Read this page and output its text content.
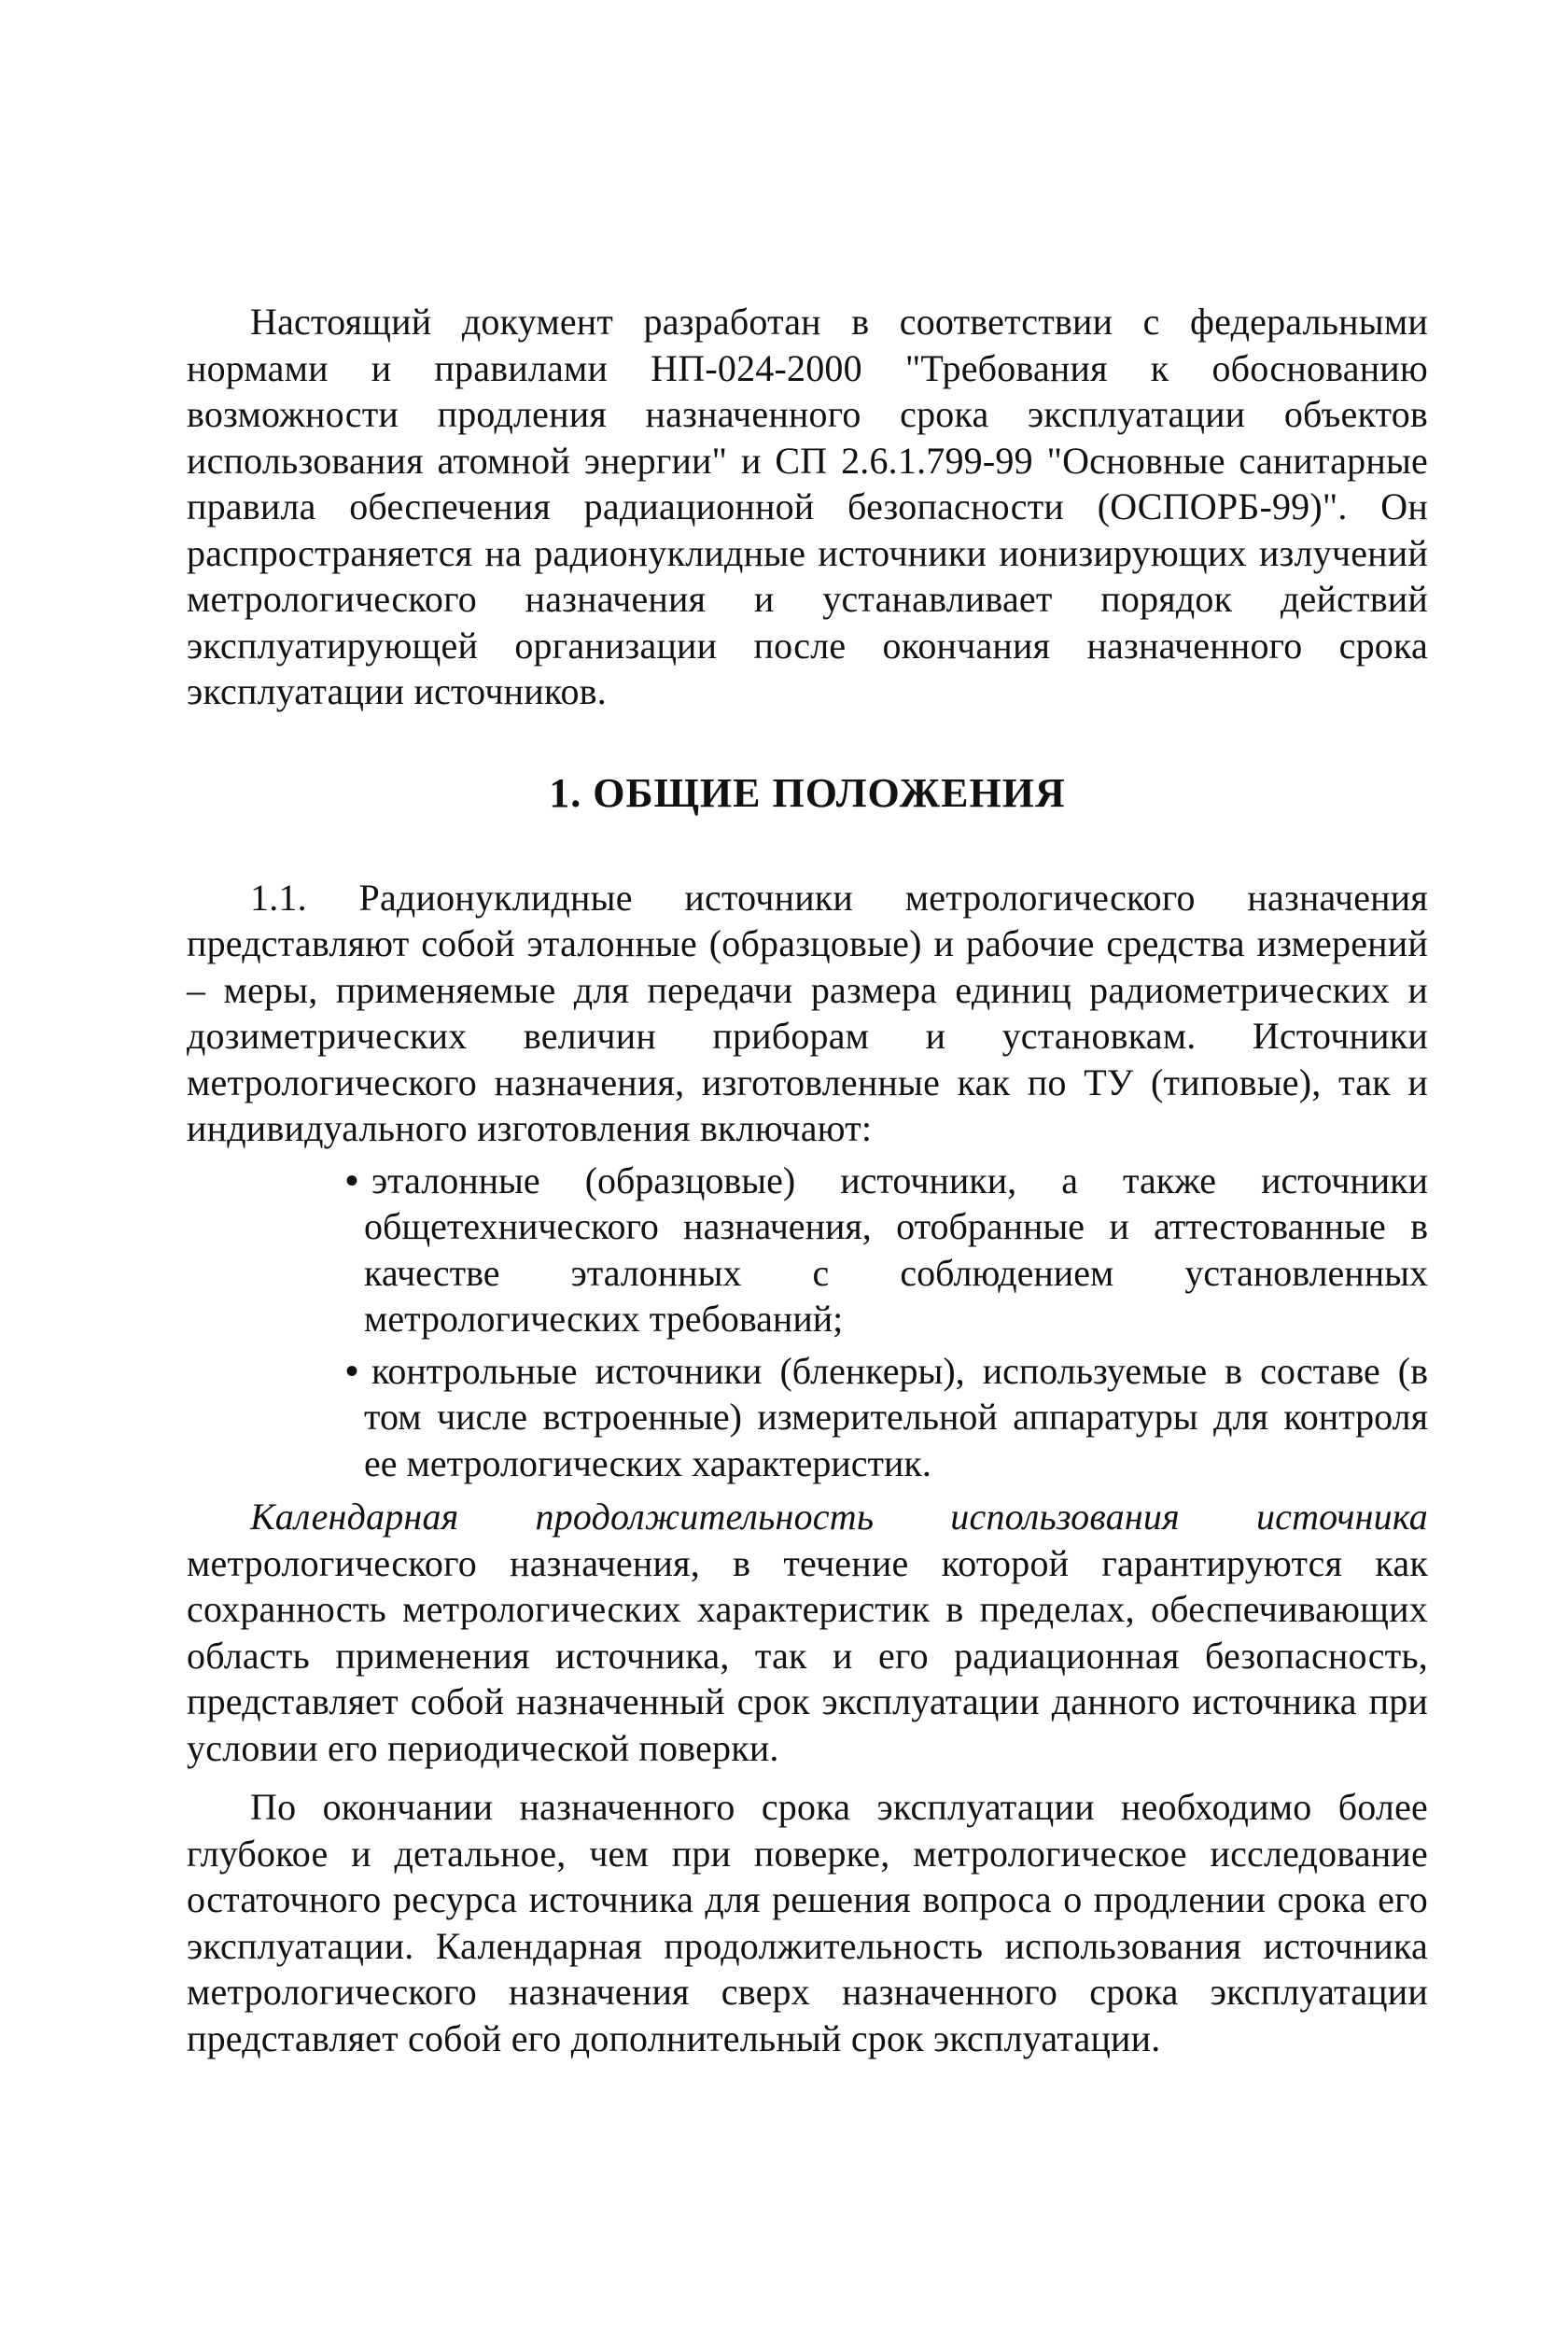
Настоящий документ разработан в соответствии с федеральными нормами и правилами НП-024-2000 "Требования к обоснованию возможности продления назначенного срока эксплуатации объектов использования атомной энергии" и СП 2.6.1.799-99 "Основные санитарные правила обеспечения радиационной безопасности (ОСПОРБ-99)". Он распространяется на радионуклидные источники ионизирующих излучений метрологического назначения и устанавливает порядок действий эксплуатирующей организации после окончания назначенного срока эксплуатации источников.

1. ОБЩИЕ ПОЛОЖЕНИЯ

1.1. Радионуклидные источники метрологического назначения представляют собой эталонные (образцовые) и рабочие средства измерений – меры, применяемые для передачи размера единиц радиометрических и дозиметрических величин приборам и установкам. Источники метрологического назначения, изготовленные как по ТУ (типовые), так и индивидуального изготовления включают:

• эталонные (образцовые) источники, а также источники общетехнического назначения, отобранные и аттестованные в качестве эталонных с соблюдением установленных метрологических требований;
• контрольные источники (бленкеры), используемые в составе (в том числе встроенные) измерительной аппаратуры для контроля ее метрологических характеристик.

Календарная продолжительность использования источника метрологического назначения, в течение которой гарантируются как сохранность метрологических характеристик в пределах, обеспечивающих область применения источника, так и его радиационная безопасность, представляет собой назначенный срок эксплуатации данного источника при условии его периодической поверки.

По окончании назначенного срока эксплуатации необходимо более глубокое и детальное, чем при поверке, метрологическое исследование остаточного ресурса источника для решения вопроса о продлении срока его эксплуатации. Календарная продолжительность использования источника метрологического назначения сверх назначенного срока эксплуатации представляет собой его дополнительный срок эксплуатации.
